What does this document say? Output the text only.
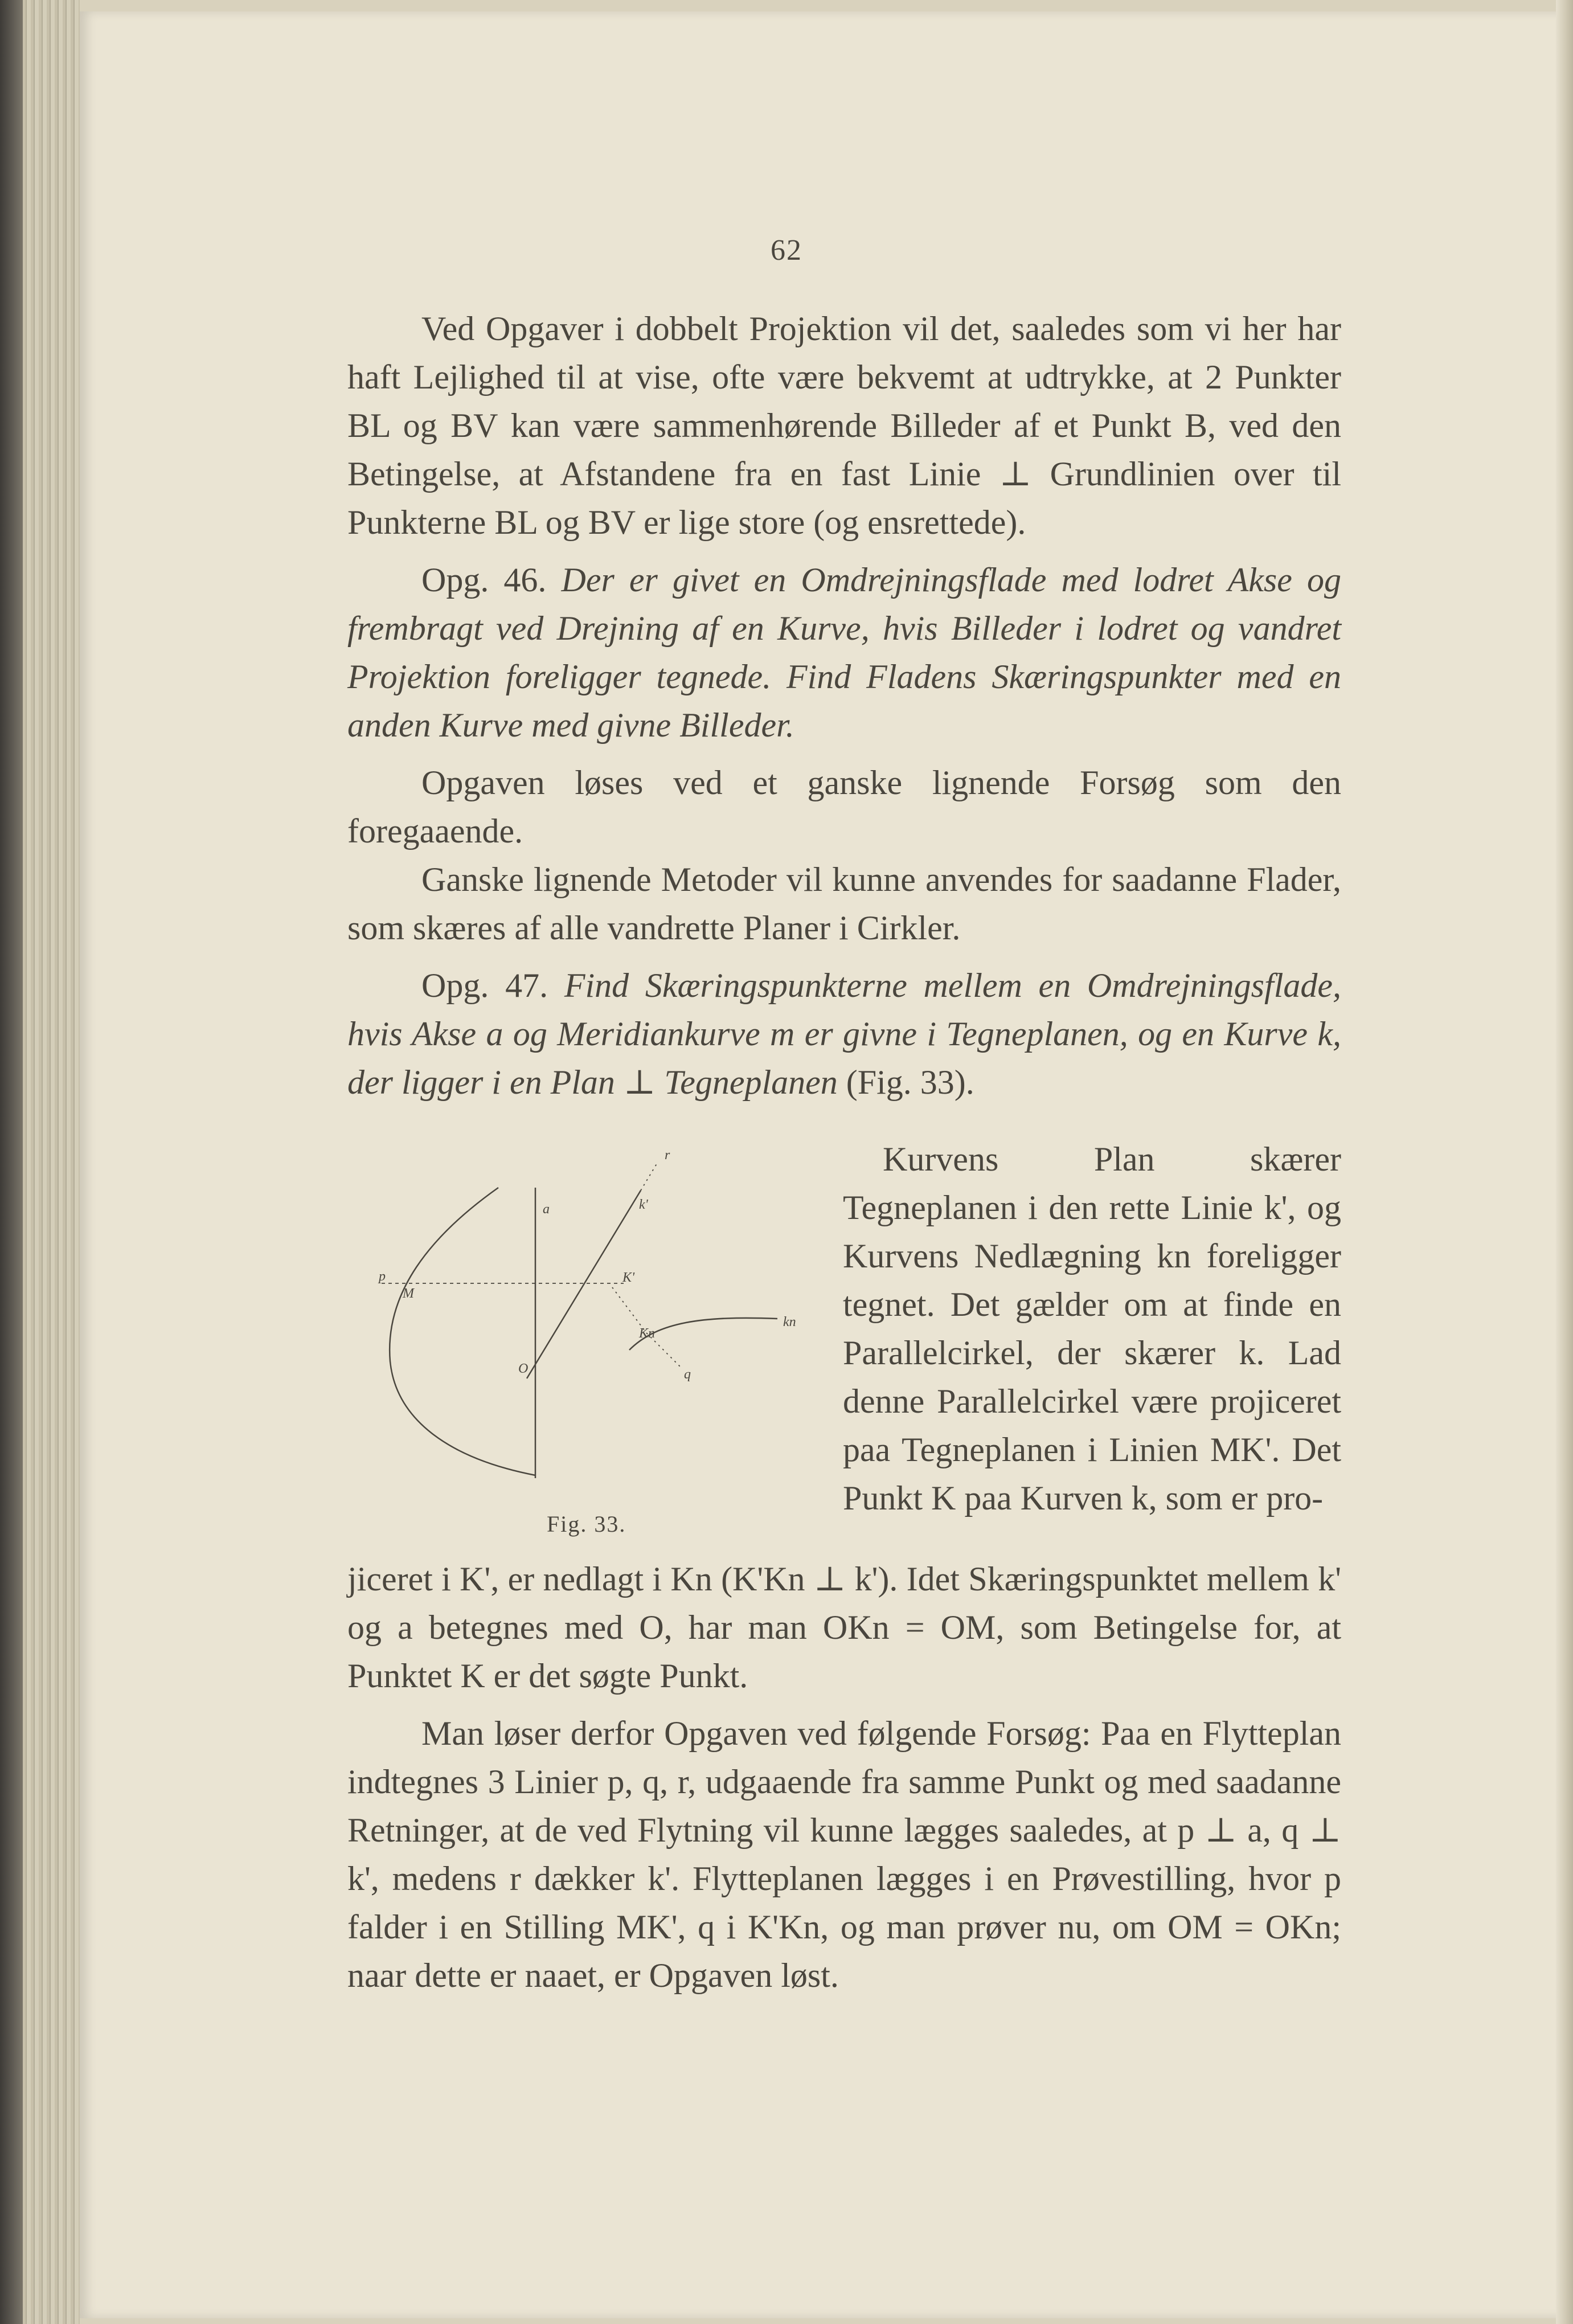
62

Ved Opgaver i dobbelt Projektion vil det, saaledes som vi her har haft Lejlighed til at vise, ofte være bekvemt at udtrykke, at 2 Punkter BL og BV kan være sammenhørende Billeder af et Punkt B, ved den Betingelse, at Afstandene fra en fast Linie ⊥ Grundlinien over til Punkterne BL og BV er lige store (og ensrettede).

Opg. 46. Der er givet en Omdrejningsflade med lodret Akse og frembragt ved Drejning af en Kurve, hvis Billeder i lodret og vandret Projektion foreligger tegnede. Find Fladens Skæringspunkter med en anden Kurve med givne Billeder.

Opgaven løses ved et ganske lignende Forsøg som den foregaaende.

Ganske lignende Metoder vil kunne anvendes for saadanne Flader, som skæres af alle vandrette Planer i Cirkler.

Opg. 47. Find Skæringspunkterne mellem en Omdrejningsflade, hvis Akse a og Meridiankurve m er givne i Tegneplanen, og en Kurve k, der ligger i en Plan ⊥ Tegneplanen (Fig. 33).

r
k'
a
p
M
K'
Kn
kn
O	q
Fig. 33.

Kurvens Plan skærer Tegneplanen i den rette Linie k', og Kurvens Nedlægning kn foreligger tegnet. Det gælder om at finde en Parallelcirkel, der skærer k. Lad denne Parallelcirkel være projiceret paa Tegneplanen i Linien MK'. Det Punkt K paa Kurven k, som er pro-

jiceret i K', er nedlagt i Kn (K'Kn ⊥ k'). Idet Skæringspunktet mellem k' og a betegnes med O, har man OKn = OM, som Betingelse for, at Punktet K er det søgte Punkt.

Man løser derfor Opgaven ved følgende Forsøg: Paa en Flytteplan indtegnes 3 Linier p, q, r, udgaaende fra samme Punkt og med saadanne Retninger, at de ved Flytning vil kunne lægges saaledes, at p ⊥ a, q ⊥ k', medens r dækker k'. Flytteplanen lægges i en Prøvestilling, hvor p falder i en Stilling MK', q i K'Kn, og man prøver nu, om OM = OKn; naar dette er naaet, er Opgaven løst.
